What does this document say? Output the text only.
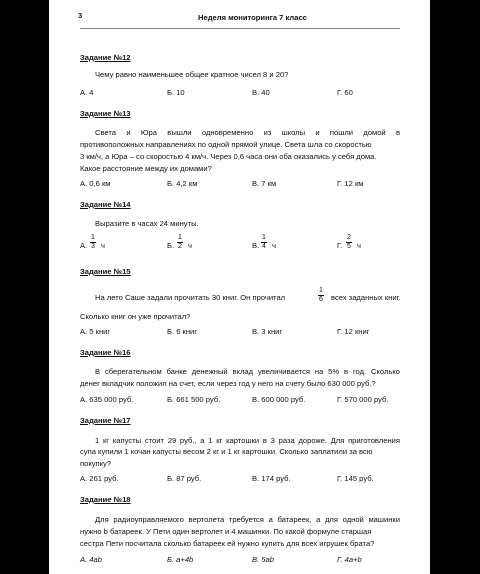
3	Неделя мониторинга 7 класс
Задание №12
Чему равно наименьшее общее кратное чисел 8 и 20?
А. 4	Б. 10	В. 40	Г. 60
Задание №13
Света и Юра вышли одновременно из школы и пошли домой в
противоположных направлениях по одной прямой улице. Света шла со скоростью
3 км/ч, а Юра – со скоростью 4 км/ч. Через 0,6 часа они оба оказались у себя дома.
Какое расстояние между их домами?
А. 0,6 км	Б. 4,2 км	В. 7 км	Г. 12 км
Задание №14
Выразите в часах 24 минуты.
А.
1
3 ч	Б.
1
2 ч	В.
1
4 ч	Г.
2
5 ч
Задание №15
На лето Саше задали прочитать 30 книг. Он прочитал
1
6 всех заданных книг.
Сколько книг он уже прочитал?
А. 5 книг	Б. 6 книг	В. 3 книг	Г. 12 книг
Задание №16
В сберегательном банке денежный вклад увеличивается на 5% в год. Сколько
денег вкладчик положил на счет, если через год у него на счету было 630 000 руб.?
А. 635 000 руб.	Б. 661 500 руб.	В. 600 000 руб.	Г. 570 000 руб.
Задание №17
1 кг капусты стоит 29 руб., а 1 кг картошки в 3 раза дороже. Для приготовления
супа купили 1 кочан капусты весом 2 кг и 1 кг картошки. Сколько заплатили за всю
покупку?
А. 261 руб.	Б. 87 руб.	В. 174 руб.	Г. 145 руб.
Задание №18
Для радиоуправляемого вертолета требуется a батареек, а для одной машинки
нужно b батареек. У Пети один вертолет и 4 машинки. По какой формуле старшая
сестра Пети посчитала сколько батареек ей нужно купить для всех игрушек брата?
А. 4ab	Б. a+4b	В. 5ab	Г. 4a+b
